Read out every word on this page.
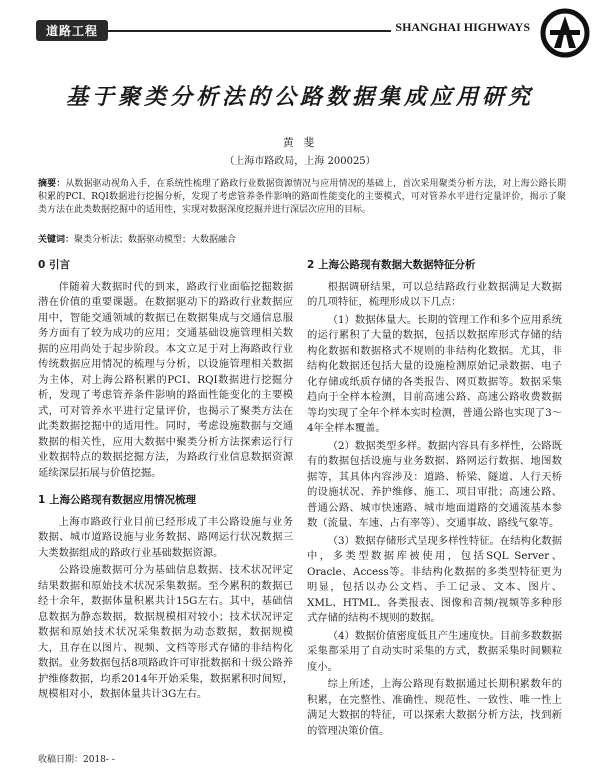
道路工程	SHANGHAI HIGHWAYS
基于聚类分析法的公路数据集成应用研究
黄 斐
（上海市路政局，上海 200025）
摘要：从数据驱动视角入手，在系统性梳理了路政行业数据资源情况与应用情况的基础上，首次采用聚类分析方法，对上海公路长期积累的PCI、RQI数据进行挖掘分析，发现了考虑管养条件影响的路面性能变化的主要模式，可对管养水平进行定量评价，揭示了聚类方法在此类数据挖掘中的适用性，实现对数据深度挖掘并进行深层次应用的目标。
关键词：聚类分析法；数据驱动模型；大数据融合
0 引言

伴随着大数据时代的到来，路政行业面临挖掘数据潜在价值的重要课题。在数据驱动下的路政行业数据应用中，智能交通领域的数据已在数据集成与交通信息服务方面有了较为成功的应用；交通基础设施管理相关数据的应用尚处于起步阶段。本文立足于对上海路政行业传统数据应用情况的梳理与分析，以设施管理相关数据为主体，对上海公路积累的PCI、RQI数据进行挖掘分析，发现了考虑管养条件影响的路面性能变化的主要模式，可对管养水平进行定量评价，也揭示了聚类方法在此类数据挖掘中的适用性。同时，考虑设施数据与交通数据的相关性，应用大数据中聚类分析方法探索运行行业数据特点的数据挖掘方法，为路政行业信息数据资源延续深层拓展与价值挖掘。

1 上海公路现有数据应用情况梳理

上海市路政行业目前已经形成了丰公路设施与业务数据、城市道路设施与业务数据、路网运行状况数据三大类数据组成的路政行业基础数据资源。

公路设施数据可分为基础信息数据、技术状况评定结果数据和原始技术状况采集数据。至今累积的数据已经十余年，数据体量积累共计15G左右。其中，基础信息数据为静态数据，数据规模相对较小；技术状况评定数据和原始技术状况采集数据为动态数据，数据规模大，且存在以图片、视频、文档等形式存储的非结构化数据。业务数据包括8项路政许可审批数据和十级公路养护维修数据，均系2014年开始采集，数据累积时间短，规模相对小，数据体量共计3G左右。

2 上海公路现有数据大数据特征分析

根据调研结果，可以总结路政行业数据满足大数据的几项特征，梳理形成以下几点：

（1）数据体量大。长期的管理工作和多个应用系统的运行累积了大量的数据，包括以数据库形式存储的结构化数据和数据格式不规则的非结构化数据。尤其，非结构化数据还包括大量的设施检测原始记录数据、电子化存储或纸质存储的各类报告、网页数据等。数据采集趋向于全样本检测，目前高速公路、高速公路收费数据等均实现了全年个样本实时检测，普通公路也实现了3～4年全样本覆盖。

（2）数据类型多样。数据内容具有多样性，公路既有的数据包括设施与业务数据、路网运行数据、地图数据等，其具体内容涉及：道路、桥梁、隧道、人行天桥的设施状况、养护维修、施工、项目审批；高速公路、普通公路、城市快速路、城市地面道路的交通流基本参数（流量、车速、占有率等）、交通事故、路线气象等。

（3）数据存储形式呈现多样性特征。在结构化数据中，多类型数据库被使用，包括SQL Server、Oracle、Access等。非结构化数据的多类型特征更为明显，包括以办公文档、手工记录、文本、图片、XML、HTML、各类报表、图像和音频/视频等多种形式存储的结构不规则的数据。

（4）数据价值密度低且产生速度快。目前多数数据采集都采用了自动实时采集的方式，数据采集时间颗粒度小。

综上所述，上海公路现有数据通过长期积累数年的积累，在完整性、准确性、规范性、一致性、唯一性上满足大数据的特征，可以探索大数据分析方法，找到新的管理决策价值。

收稿日期：2018- -
